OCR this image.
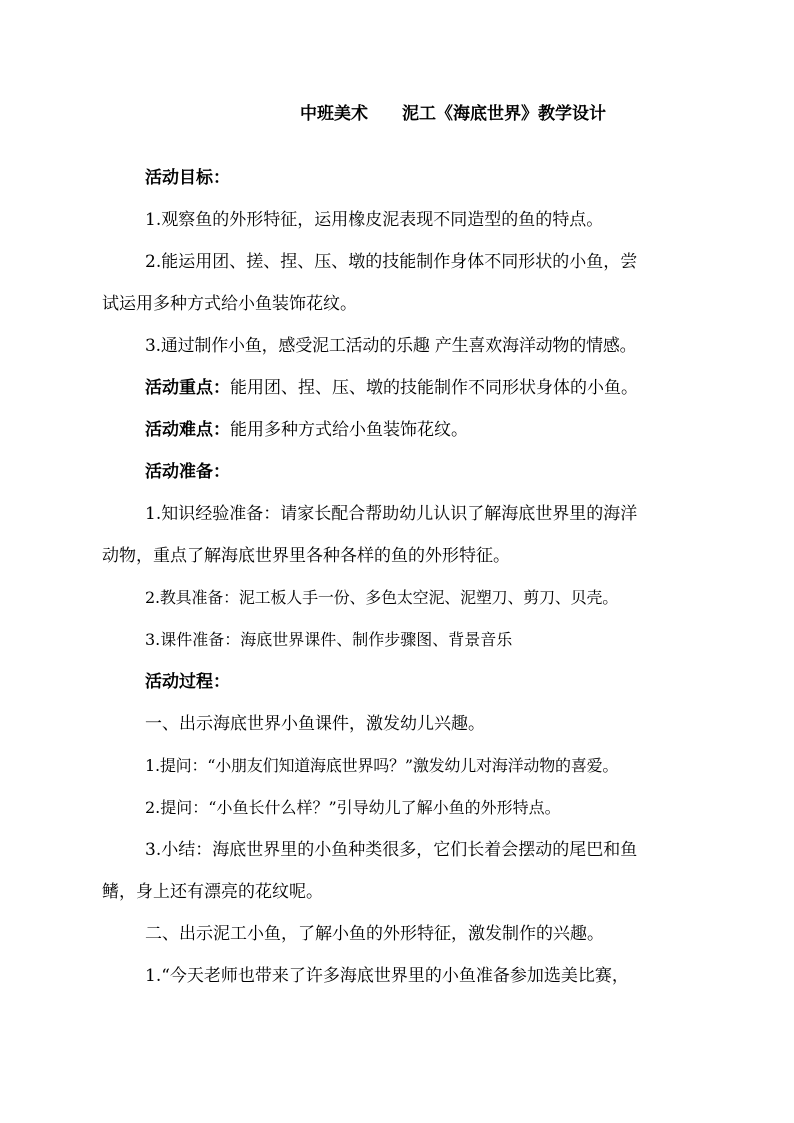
中班美术 泥工《海底世界》教学设计
活动目标：
1.观察鱼的外形特征，运用橡皮泥表现不同造型的鱼的特点。
2.能运用团、搓、捏、压、墩的技能制作身体不同形状的小鱼，尝
试运用多种方式给小鱼装饰花纹。
3.通过制作小鱼，感受泥工活动的乐趣 产生喜欢海洋动物的情感。
活动重点：能用团、捏、压、墩的技能制作不同形状身体的小鱼。
活动难点：能用多种方式给小鱼装饰花纹。
活动准备：
1.知识经验准备：请家长配合帮助幼儿认识了解海底世界里的海洋
动物，重点了解海底世界里各种各样的鱼的外形特征。
2.教具准备：泥工板人手一份、多色太空泥、泥塑刀、剪刀、贝壳。
3.课件准备：海底世界课件、制作步骤图、背景音乐
活动过程：
一、出示海底世界小鱼课件，激发幼儿兴趣。
1.提问：“小朋友们知道海底世界吗？”激发幼儿对海洋动物的喜爱。
2.提问：“小鱼长什么样？”引导幼儿了解小鱼的外形特点。
3.小结：海底世界里的小鱼种类很多，它们长着会摆动的尾巴和鱼
鳍，身上还有漂亮的花纹呢。
二、出示泥工小鱼，了解小鱼的外形特征，激发制作的兴趣。
1.“今天老师也带来了许多海底世界里的小鱼准备参加选美比赛，
